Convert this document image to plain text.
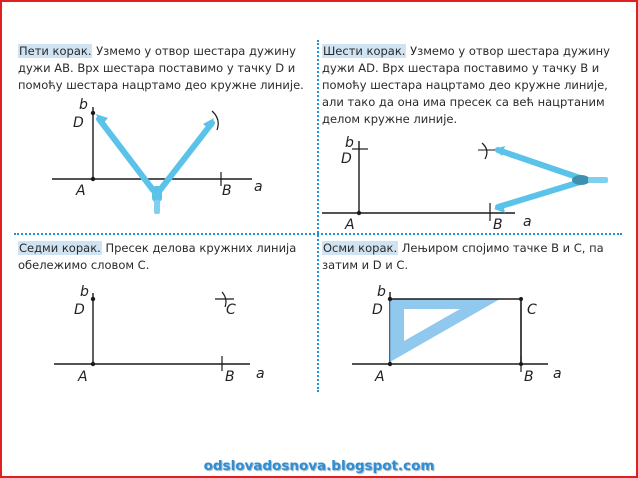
Пети корак. Узмемо у отвор шестара дужину
дужи AB. Врх шестара поставимо у тачку D и
помоћу шестара нацртамо део кружне линије.
Шести корак. Узмемо у отвор шестара дужину
дужи AD. Врх шестара поставимо у тачку B и
помоћу шестара нацртамо део кружне линије,
али тако да она има пресек са већ нацртаним
делом кружне линије.
Седми корак. Пресек делова кружних линија
обележимо словом C.
Осми корак. Лењиром спојимо тачке B и C, па
затим и D и C.
b
D
A	B a
b
D
A	B a
b
D	C
A	B a
b
D	C
A	B a
odslovadosnova.blogspot.com
